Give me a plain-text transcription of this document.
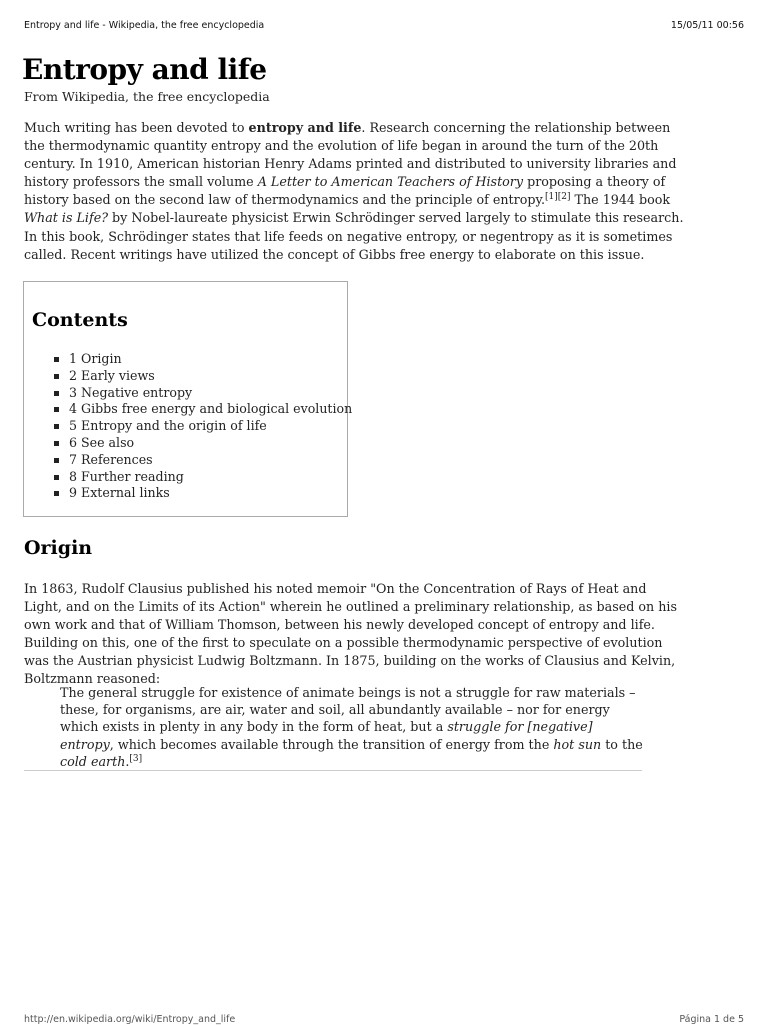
Entropy and life - Wikipedia, the free encyclopedia	15/05/11 00:56
Entropy and life
From Wikipedia, the free encyclopedia

Much writing has been devoted to entropy and life. Research concerning the relationship between the thermodynamic quantity entropy and the evolution of life began in around the turn of the 20th century. In 1910, American historian Henry Adams printed and distributed to university libraries and history professors the small volume A Letter to American Teachers of History proposing a theory of history based on the second law of thermodynamics and the principle of entropy.[1][2] The 1944 book What is Life? by Nobel-laureate physicist Erwin Schrödinger served largely to stimulate this research. In this book, Schrödinger states that life feeds on negative entropy, or negentropy as it is sometimes called. Recent writings have utilized the concept of Gibbs free energy to elaborate on this issue.

Contents
1 Origin
2 Early views
3 Negative entropy
4 Gibbs free energy and biological evolution
5 Entropy and the origin of life
6 See also
7 References
8 Further reading
9 External links
Origin

In 1863, Rudolf Clausius published his noted memoir "On the Concentration of Rays of Heat and Light, and on the Limits of its Action" wherein he outlined a preliminary relationship, as based on his own work and that of William Thomson, between his newly developed concept of entropy and life. Building on this, one of the first to speculate on a possible thermodynamic perspective of evolution was the Austrian physicist Ludwig Boltzmann. In 1875, building on the works of Clausius and Kelvin, Boltzmann reasoned:

The general struggle for existence of animate beings is not a struggle for raw materials – these, for organisms, are air, water and soil, all abundantly available – nor for energy which exists in plenty in any body in the form of heat, but a struggle for [negative] entropy, which becomes available through the transition of energy from the hot sun to the cold earth.[3]
http://en.wikipedia.org/wiki/Entropy_and_life	Página 1 de 5
